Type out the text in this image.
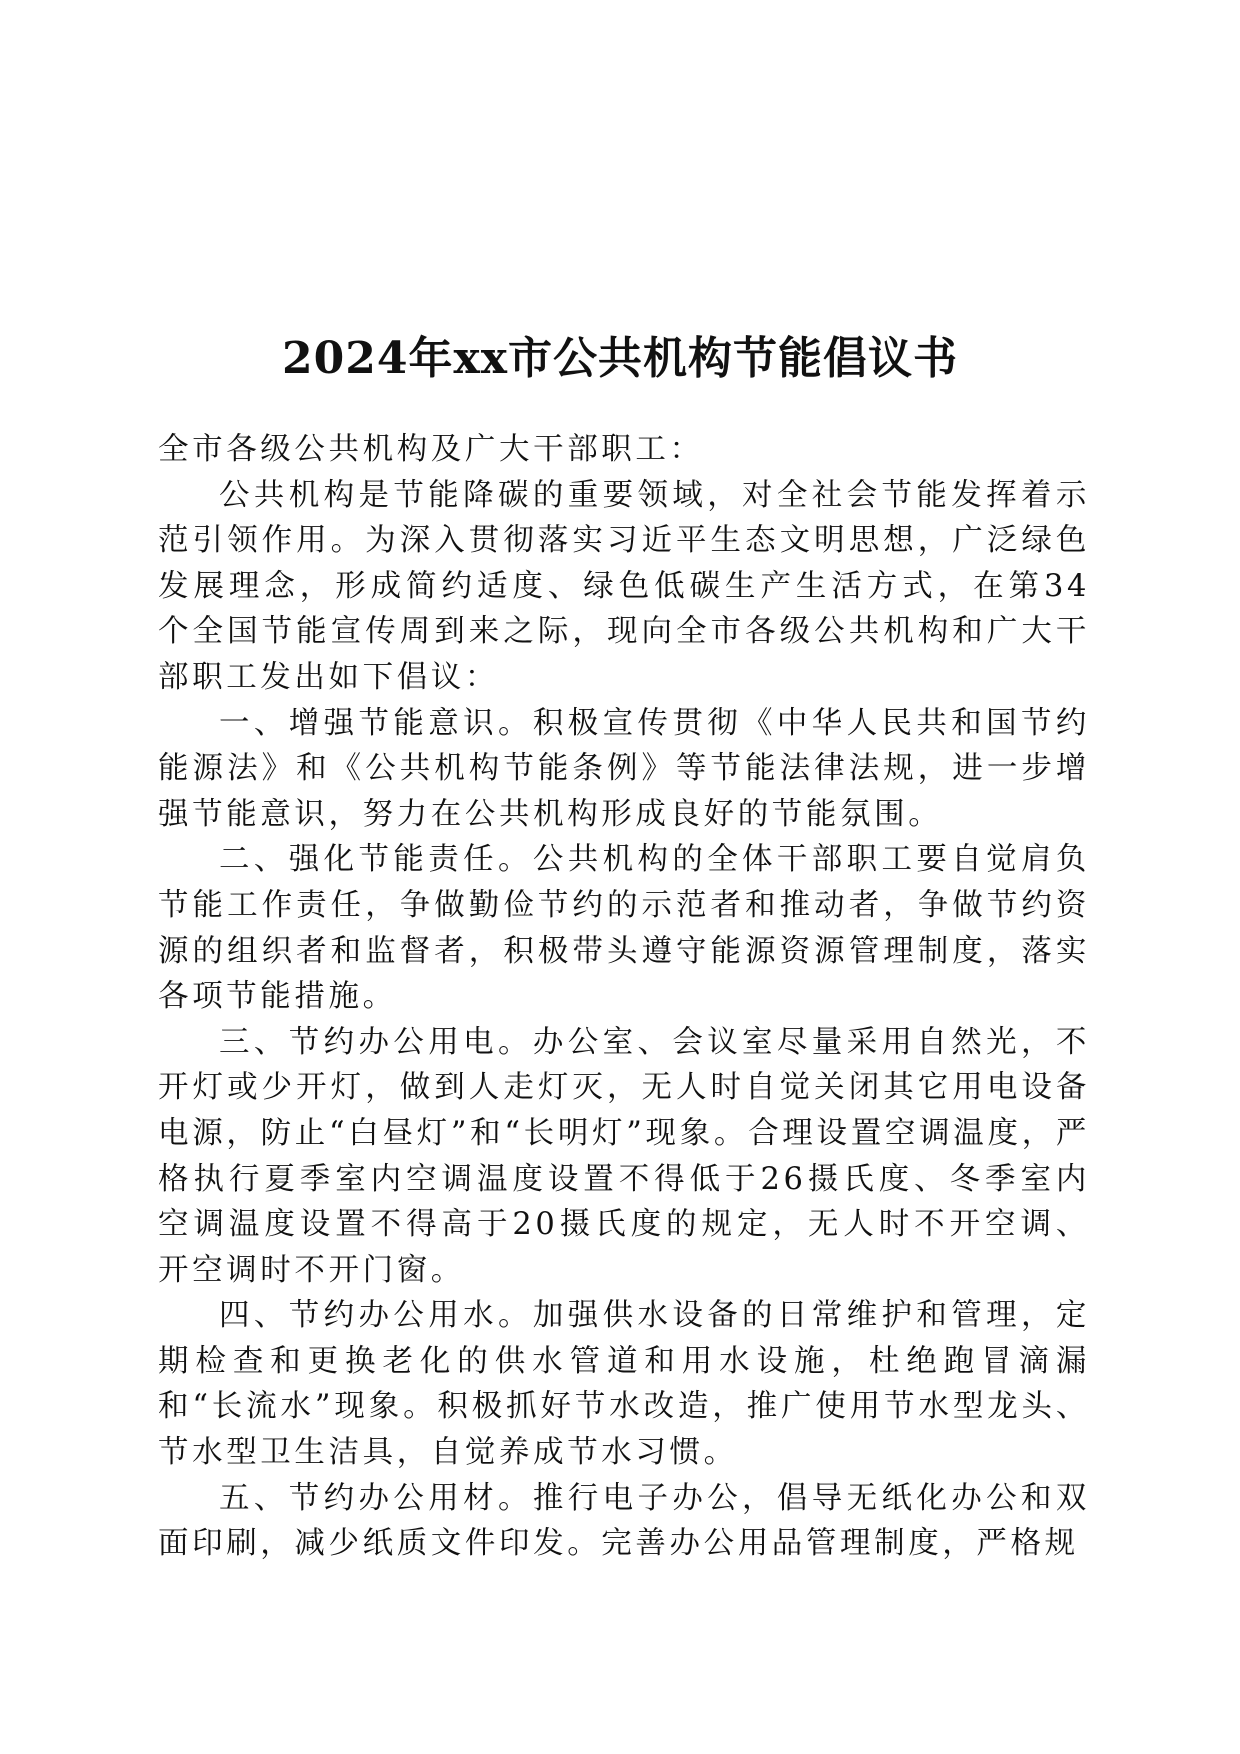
2024年xx市公共机构节能倡议书

全市各级公共机构及广大干部职工：

公共机构是节能降碳的重要领域，对全社会节能发挥着示范引领作用。为深入贯彻落实习近平生态文明思想，广泛绿色发展理念，形成简约适度、绿色低碳生产生活方式，在第34个全国节能宣传周到来之际，现向全市各级公共机构和广大干部职工发出如下倡议：

一、增强节能意识。积极宣传贯彻《中华人民共和国节约能源法》和《公共机构节能条例》等节能法律法规，进一步增强节能意识，努力在公共机构形成良好的节能氛围。

二、强化节能责任。公共机构的全体干部职工要自觉肩负节能工作责任，争做勤俭节约的示范者和推动者，争做节约资源的组织者和监督者，积极带头遵守能源资源管理制度，落实各项节能措施。

三、节约办公用电。办公室、会议室尽量采用自然光，不开灯或少开灯，做到人走灯灭，无人时自觉关闭其它用电设备电源，防止“白昼灯”和“长明灯”现象。合理设置空调温度，严格执行夏季室内空调温度设置不得低于26摄氏度、冬季室内空调温度设置不得高于20摄氏度的规定，无人时不开空调、开空调时不开门窗。

四、节约办公用水。加强供水设备的日常维护和管理，定期检查和更换老化的供水管道和用水设施，杜绝跑冒滴漏和“长流水”现象。积极抓好节水改造，推广使用节水型龙头、节水型卫生洁具，自觉养成节水习惯。

五、节约办公用材。推行电子办公，倡导无纸化办公和双面印刷，减少纸质文件印发。完善办公用品管理制度，严格规
